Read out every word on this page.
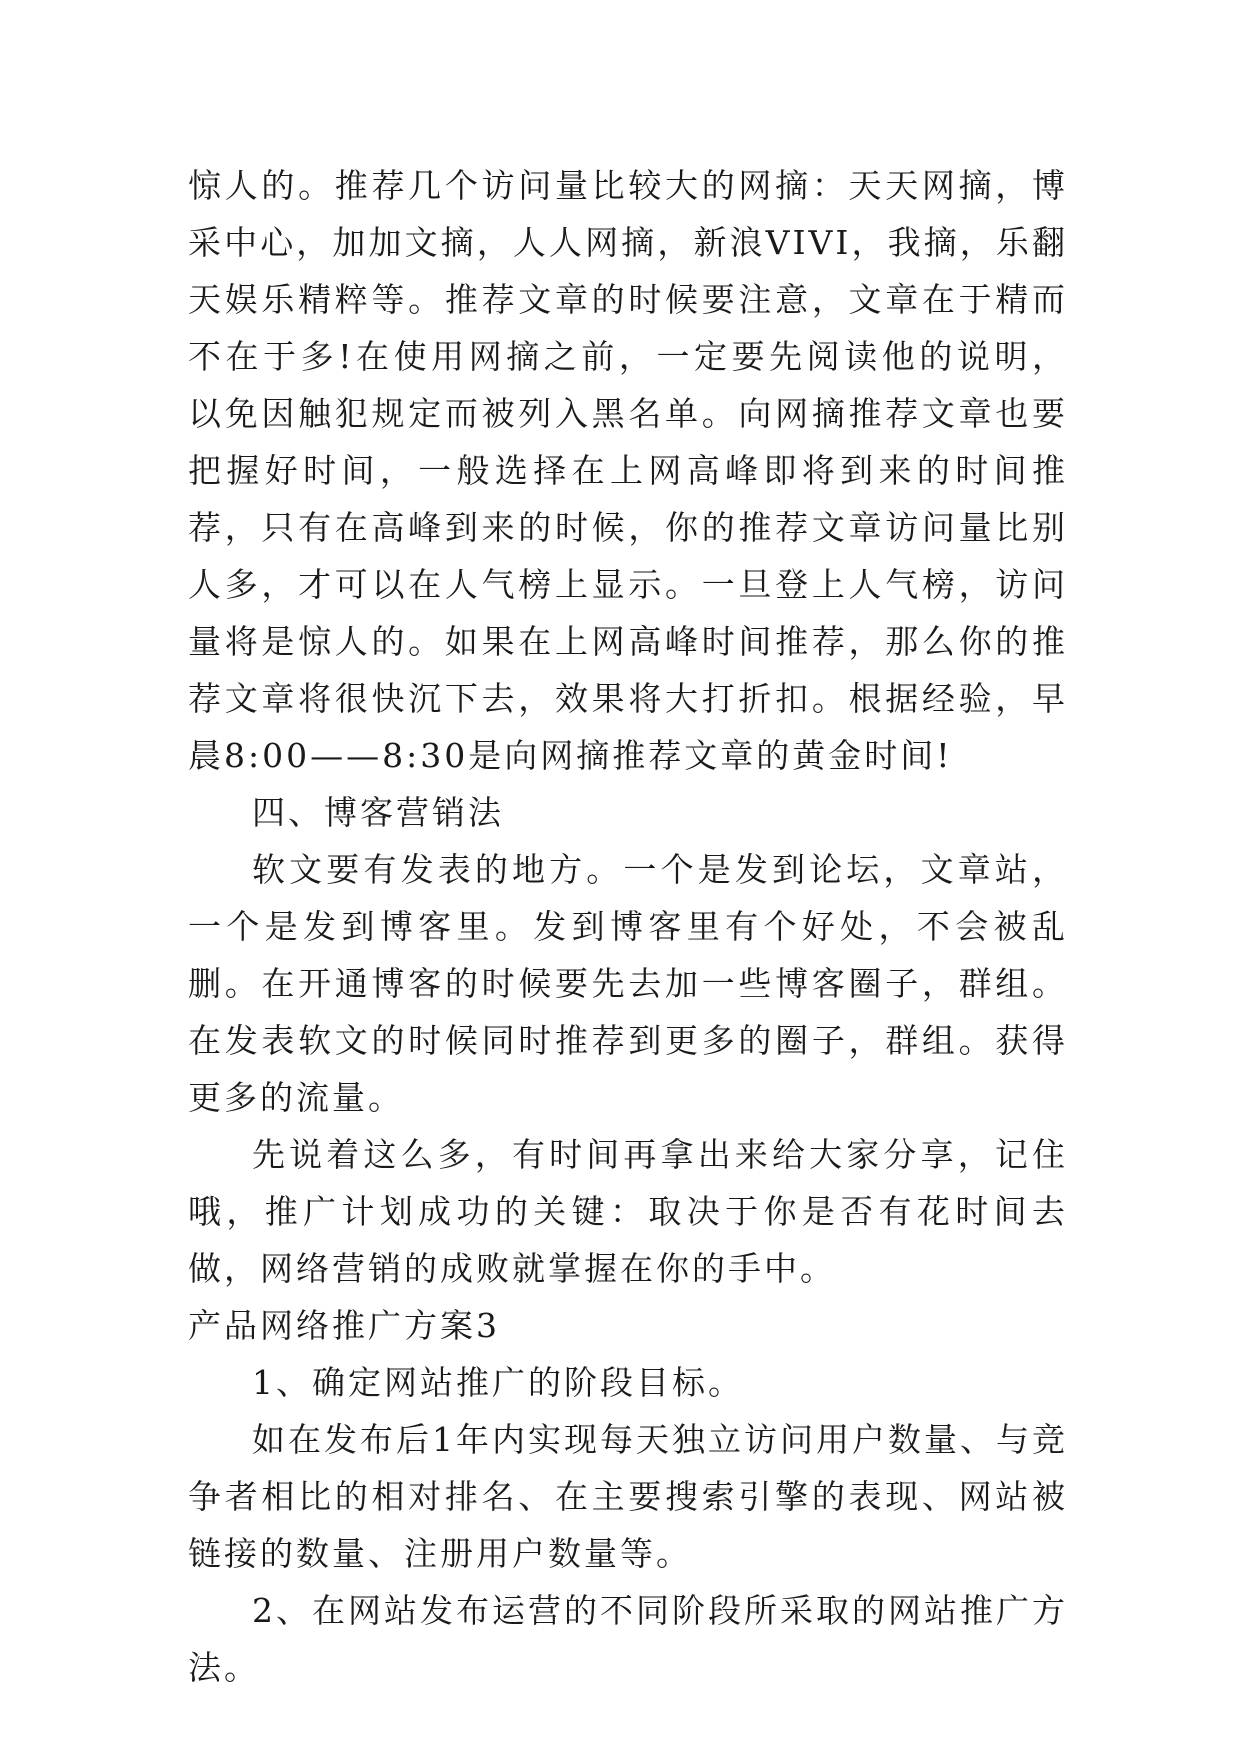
惊人的。推荐几个访问量比较大的网摘：天天网摘，博采中心，加加文摘，人人网摘，新浪VIVI，我摘，乐翻天娱乐精粹等。推荐文章的时候要注意，文章在于精而不在于多!在使用网摘之前，一定要先阅读他的说明，以免因触犯规定而被列入黑名单。向网摘推荐文章也要把握好时间，一般选择在上网高峰即将到来的时间推荐，只有在高峰到来的时候，你的推荐文章访问量比别人多，才可以在人气榜上显示。一旦登上人气榜，访问量将是惊人的。如果在上网高峰时间推荐，那么你的推荐文章将很快沉下去，效果将大打折扣。根据经验，早晨8:00——8:30是向网摘推荐文章的黄金时间!

四、博客营销法

软文要有发表的地方。一个是发到论坛，文章站，一个是发到博客里。发到博客里有个好处，不会被乱删。在开通博客的时候要先去加一些博客圈子，群组。在发表软文的时候同时推荐到更多的圈子，群组。获得更多的流量。

先说着这么多，有时间再拿出来给大家分享，记住哦，推广计划成功的关键：取决于你是否有花时间去做，网络营销的成败就掌握在你的手中。

产品网络推广方案3

1、确定网站推广的阶段目标。

如在发布后1年内实现每天独立访问用户数量、与竞争者相比的相对排名、在主要搜索引擎的表现、网站被链接的数量、注册用户数量等。

2、在网站发布运营的不同阶段所采取的网站推广方法。
